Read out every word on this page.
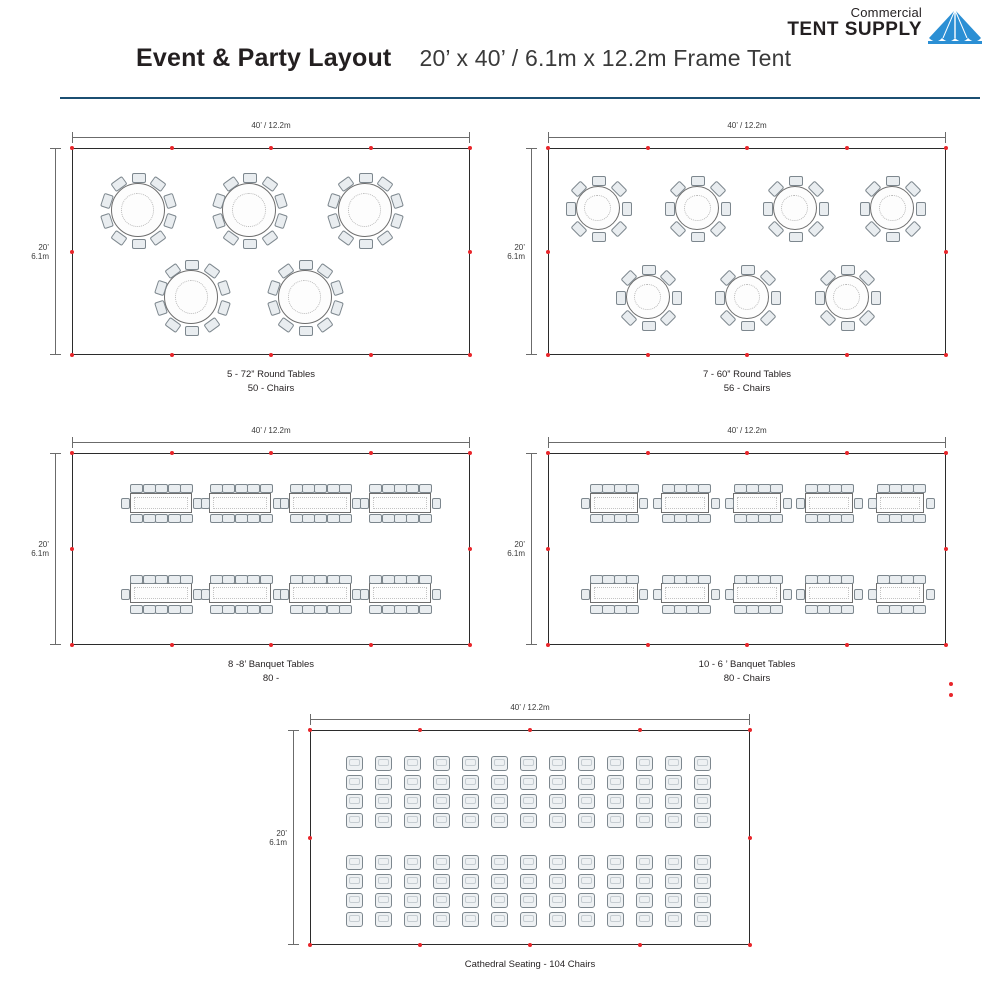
Commercial
TENT SUPPLY
Event & Party Layout 20’ x 40’ / 6.1m x 12.2m Frame Tent
40’ / 12.2m
20’
6.1m
5 - 72” Round Tables
50 - Chairs
40’ / 12.2m
20’
6.1m
7 - 60” Round Tables
56 - Chairs
40’ / 12.2m
20’
6.1m
8 -8’ Banquet Tables
80 -
40’ / 12.2m
20’
6.1m
10 - 6 ’ Banquet Tables
80 - Chairs
40’ / 12.2m
20’
6.1m
Cathedral Seating - 104 Chairs
